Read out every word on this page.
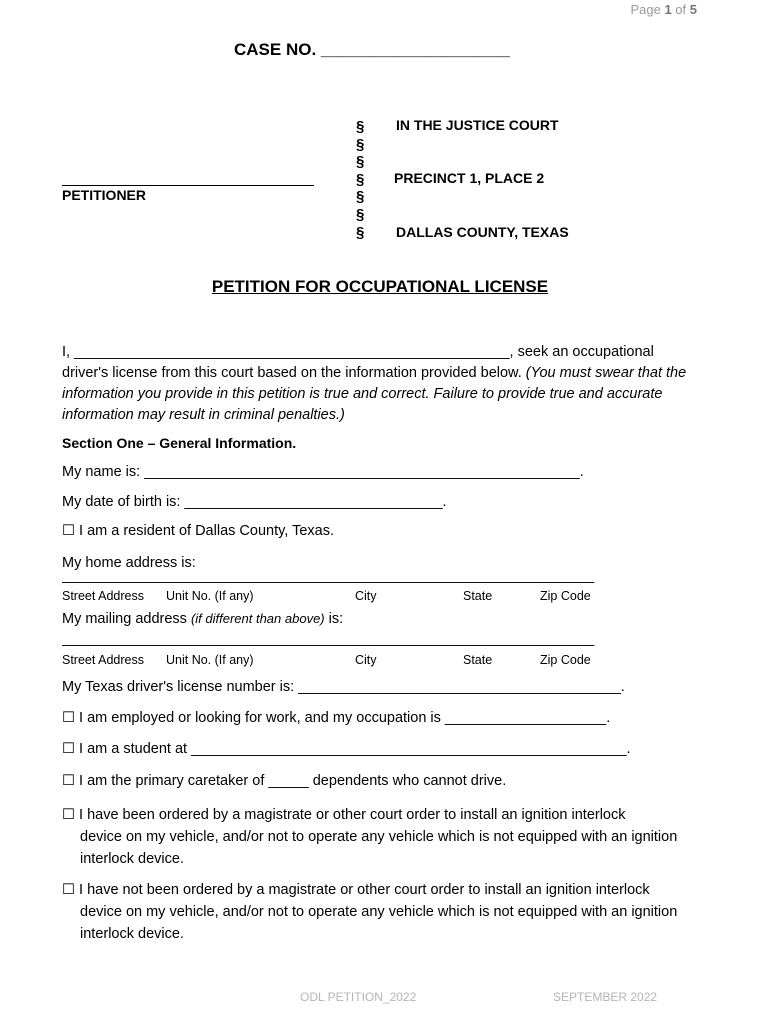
Page 1 of 5
CASE NO. ____________________
§
§
§
§
§
§
§
IN THE JUSTICE COURT
PRECINCT 1, PLACE 2
DALLAS COUNTY, TEXAS
PETITIONER
PETITION FOR OCCUPATIONAL LICENSE
I, ______________________________________________________, seek an occupational driver's license from this court based on the information provided below. (You must swear that the information you provide in this petition is true and correct. Failure to provide true and accurate information may result in criminal penalties.)
Section One – General Information.
My name is: ______________________________________________________.
My date of birth is: ________________________________.
☐ I am a resident of Dallas County, Texas.
My home address is:
__________________________________________________________________
Street Address Unit No. (If any)	City	State	Zip Code
My mailing address (if different than above) is:
__________________________________________________________________
Street Address Unit No. (If any)	City	State	Zip Code
My Texas driver's license number is: ________________________________________.
☐ I am employed or looking for work, and my occupation is ____________________.
☐ I am a student at ______________________________________________________.
☐ I am the primary caretaker of _____ dependents who cannot drive.
☐ I have been ordered by a magistrate or other court order to install an ignition interlock
device on my vehicle, and/or not to operate any vehicle which is not equipped with an ignition interlock device.
☐ I have not been ordered by a magistrate or other court order to install an ignition interlock
device on my vehicle, and/or not to operate any vehicle which is not equipped with an ignition interlock device.
ODL PETITION_2022	SEPTEMBER 2022
